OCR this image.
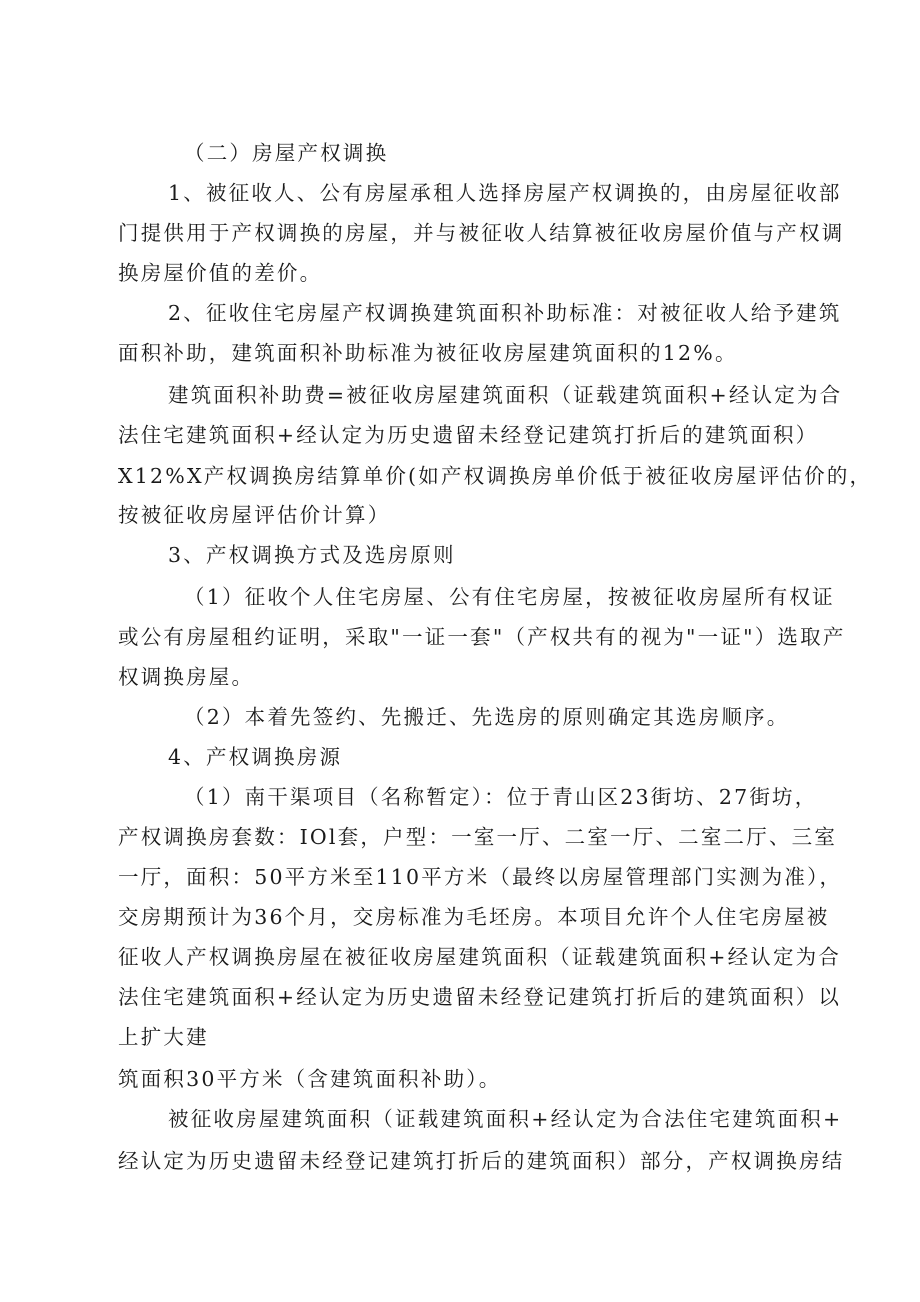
（二）房屋产权调换

1、被征收人、公有房屋承租人选择房屋产权调换的，由房屋征收部

门提供用于产权调换的房屋，并与被征收人结算被征收房屋价值与产权调

换房屋价值的差价。

2、征收住宅房屋产权调换建筑面积补助标准：对被征收人给予建筑

面积补助，建筑面积补助标准为被征收房屋建筑面积的12%。

建筑面积补助费=被征收房屋建筑面积（证载建筑面积+经认定为合

法住宅建筑面积+经认定为历史遗留未经登记建筑打折后的建筑面积）

X12%X产权调换房结算单价(如产权调换房单价低于被征收房屋评估价的，

按被征收房屋评估价计算）

3、产权调换方式及选房原则

（1）征收个人住宅房屋、公有住宅房屋，按被征收房屋所有权证

或公有房屋租约证明，采取"一证一套"（产权共有的视为"一证"）选取产

权调换房屋。

（2）本着先签约、先搬迁、先选房的原则确定其选房顺序。

4、产权调换房源

（1）南干渠项目（名称暂定）：位于青山区23街坊、27街坊，

产权调换房套数：IOl套，户型：一室一厅、二室一厅、二室二厅、三室

一厅，面积：50平方米至110平方米（最终以房屋管理部门实测为准），

交房期预计为36个月，交房标准为毛坯房。本项目允许个人住宅房屋被

征收人产权调换房屋在被征收房屋建筑面积（证载建筑面积+经认定为合

法住宅建筑面积+经认定为历史遗留未经登记建筑打折后的建筑面积）以

上扩大建

筑面积30平方米（含建筑面积补助）。

被征收房屋建筑面积（证载建筑面积+经认定为合法住宅建筑面积+

经认定为历史遗留未经登记建筑打折后的建筑面积）部分，产权调换房结
